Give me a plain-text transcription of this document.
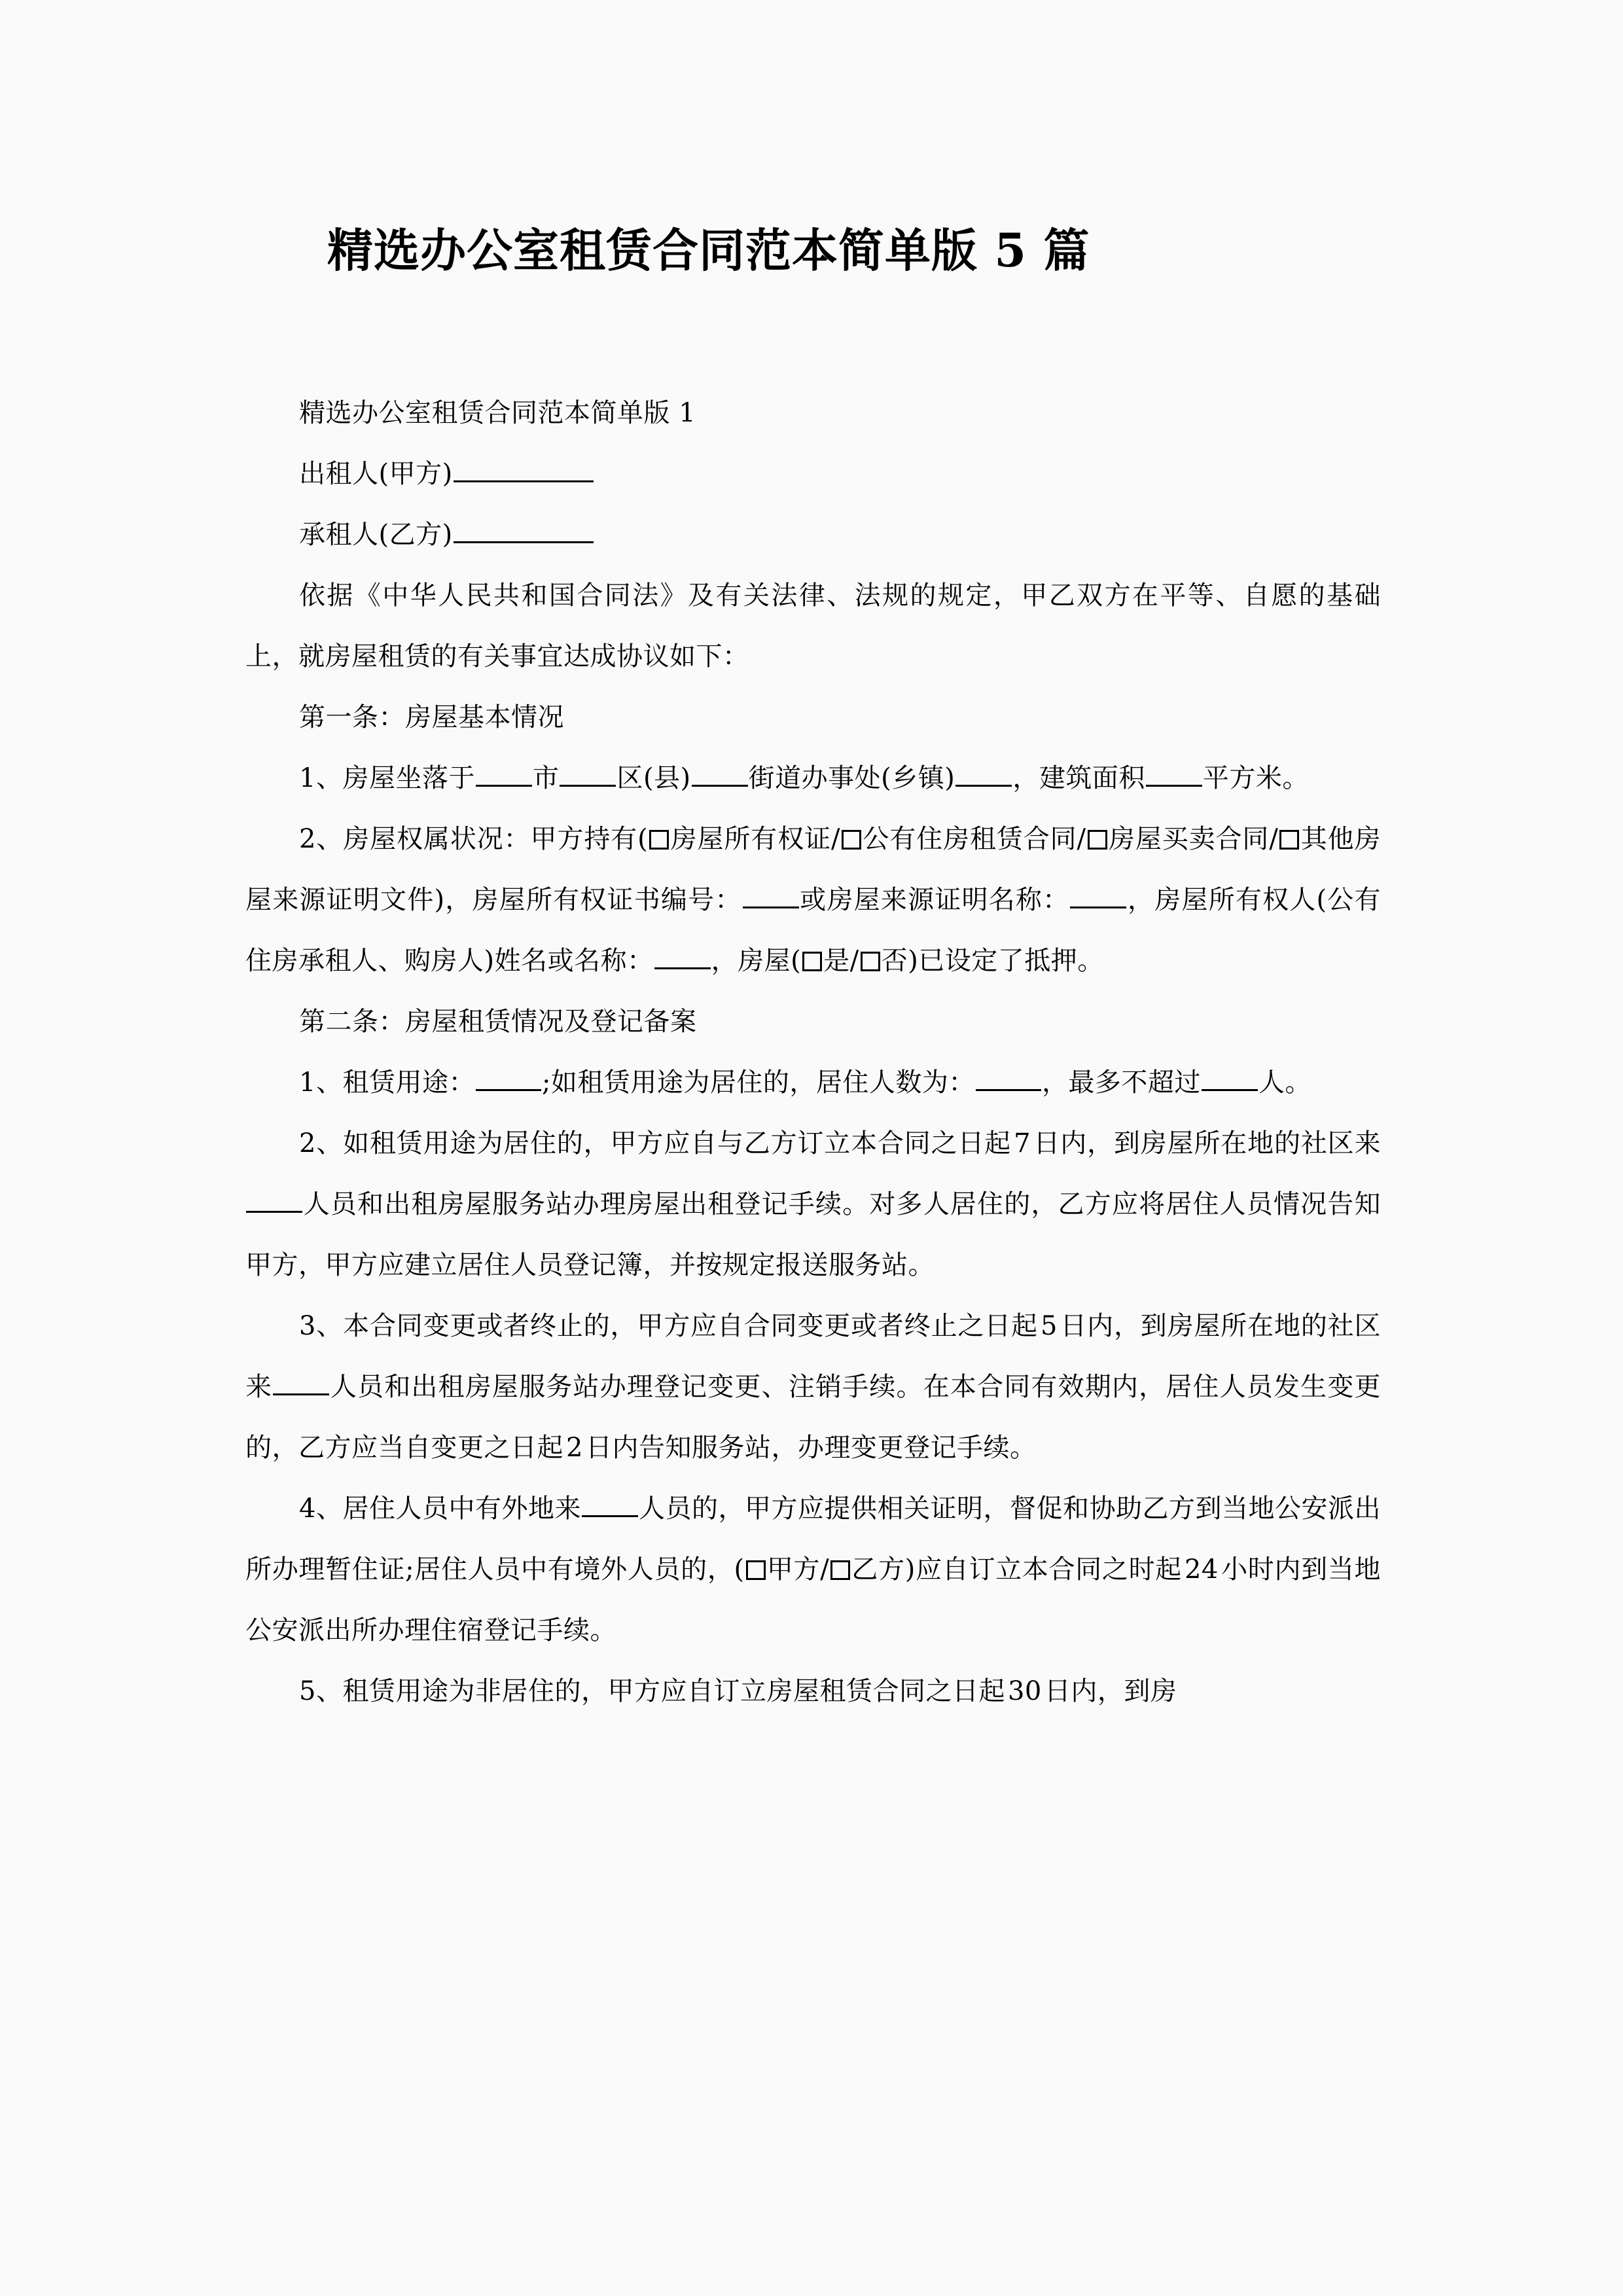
精选办公室租赁合同范本简单版 5 篇

精选办公室租赁合同范本简单版 1

出租人(甲方)

承租人(乙方)

依据《中华人民共和国合同法》及有关法律、法规的规定，甲乙双方在平等、自愿的基础上，就房屋租赁的有关事宜达成协议如下：

第一条：房屋基本情况

1、房屋坐落于 市 区(县) 街道办事处(乡镇) ，建筑面积 平方米。

2、房屋权属状况：甲方持有( 房屋所有权证/ 公有住房租赁合同/ 房屋买卖合同/ 其他房屋来源证明文件)，房屋所有权证书编号： 或房屋来源证明名称： ，房屋所有权人(公有住房承租人、购房人)姓名或名称： ，房屋( 是/ 否)已设定了抵押。

第二条：房屋租赁情况及登记备案

1、租赁用途：	;如租赁用途为居住的，居住人数为：	，最多不超过 人。

2、如租赁用途为居住的，甲方应自与乙方订立本合同之日起 7 日内，到房屋所在地的社区来人员和出租房屋服务站办理房屋出租登记手续。对多人居住的，乙方应将居住人员情况告知甲方，甲方应建立居住人员登记簿，并按规定报送服务站。

3、本合同变更或者终止的，甲方应自合同变更或者终止之日起 5 日内，到房屋所在地的社区来 人员和出租房屋服务站办理登记变更、注销手续。在本合同有效期内，居住人员发生变更的，乙方应当自变更之日起 2 日内告知服务站，办理变更登记手续。

4、居住人员中有外地来 人员的，甲方应提供相关证明，督促和协助乙方到当地公安派出所办理暂住证;居住人员中有境外人员的，( 甲方/ 乙方)应自订立本合同之时起 24 小时内到当地公安派出所办理住宿登记手续。

5、租赁用途为非居住的，甲方应自订立房屋租赁合同之日起 30 日内，到房
